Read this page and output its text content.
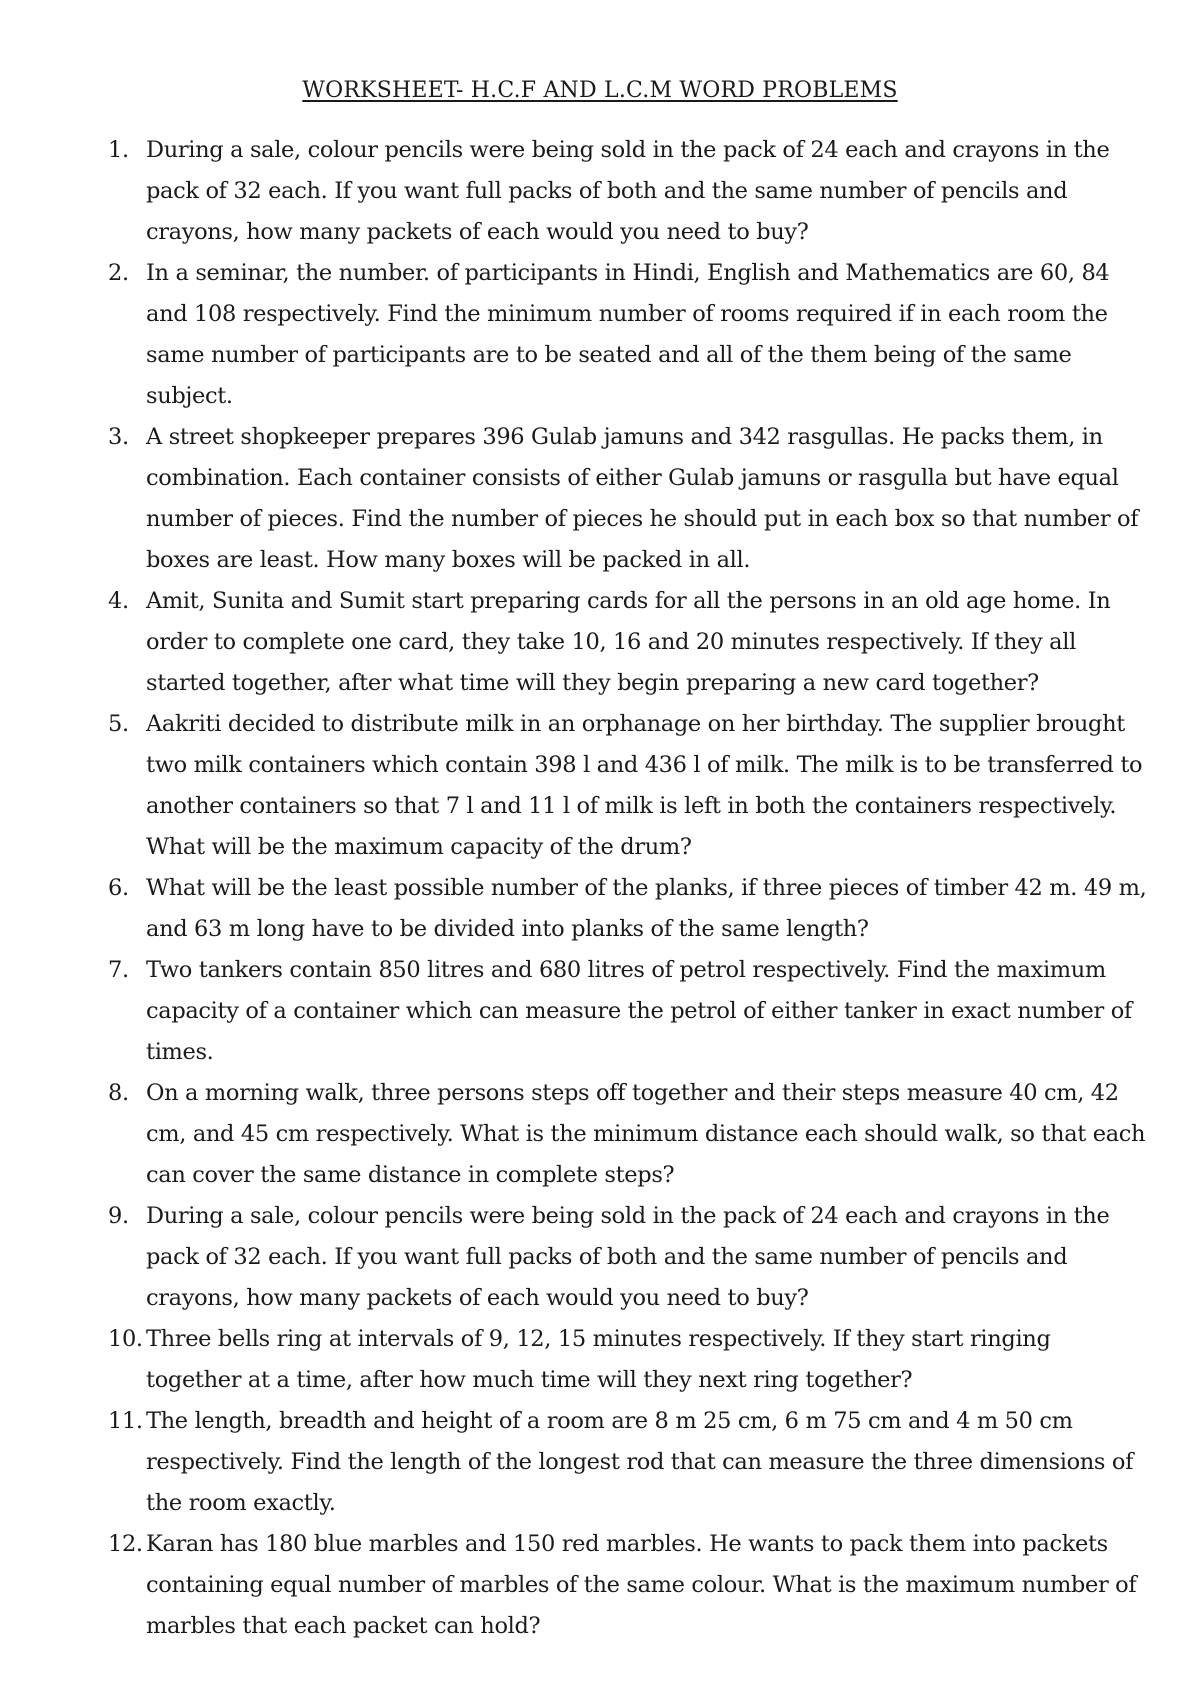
WORKSHEET- H.C.F AND L.C.M WORD PROBLEMS
1. During a sale, colour pencils were being sold in the pack of 24 each and crayons in the pack of 32 each. If you want full packs of both and the same number of pencils and crayons, how many packets of each would you need to buy?
2. In a seminar, the number. of participants in Hindi, English and Mathematics are 60, 84 and 108 respectively. Find the minimum number of rooms required if in each room the same number of participants are to be seated and all of the them being of the same subject.
3. A street shopkeeper prepares 396 Gulab jamuns and 342 rasgullas. He packs them, in combination. Each container consists of either Gulab jamuns or rasgulla but have equal number of pieces. Find the number of pieces he should put in each box so that number of boxes are least. How many boxes will be packed in all.
4. Amit, Sunita and Sumit start preparing cards for all the persons in an old age home. In order to complete one card, they take 10, 16 and 20 minutes respectively. If they all started together, after what time will they begin preparing a new card together?
5. Aakriti decided to distribute milk in an orphanage on her birthday. The supplier brought two milk containers which contain 398 l and 436 l of milk. The milk is to be transferred to another containers so that 7 l and 11 l of milk is left in both the containers respectively. What will be the maximum capacity of the drum?
6. What will be the least possible number of the planks, if three pieces of timber 42 m. 49 m, and 63 m long have to be divided into planks of the same length?
7. Two tankers contain 850 litres and 680 litres of petrol respectively. Find the maximum capacity of a container which can measure the petrol of either tanker in exact number of times.
8. On a morning walk, three persons steps off together and their steps measure 40 cm, 42 cm, and 45 cm respectively. What is the minimum distance each should walk, so that each can cover the same distance in complete steps?
9. During a sale, colour pencils were being sold in the pack of 24 each and crayons in the pack of 32 each. If you want full packs of both and the same number of pencils and crayons, how many packets of each would you need to buy?
10. Three bells ring at intervals of 9, 12, 15 minutes respectively. If they start ringing together at a time, after how much time will they next ring together?
11. The length, breadth and height of a room are 8 m 25 cm, 6 m 75 cm and 4 m 50 cm respectively. Find the length of the longest rod that can measure the three dimensions of the room exactly.
12. Karan has 180 blue marbles and 150 red marbles. He wants to pack them into packets containing equal number of marbles of the same colour. What is the maximum number of marbles that each packet can hold?
